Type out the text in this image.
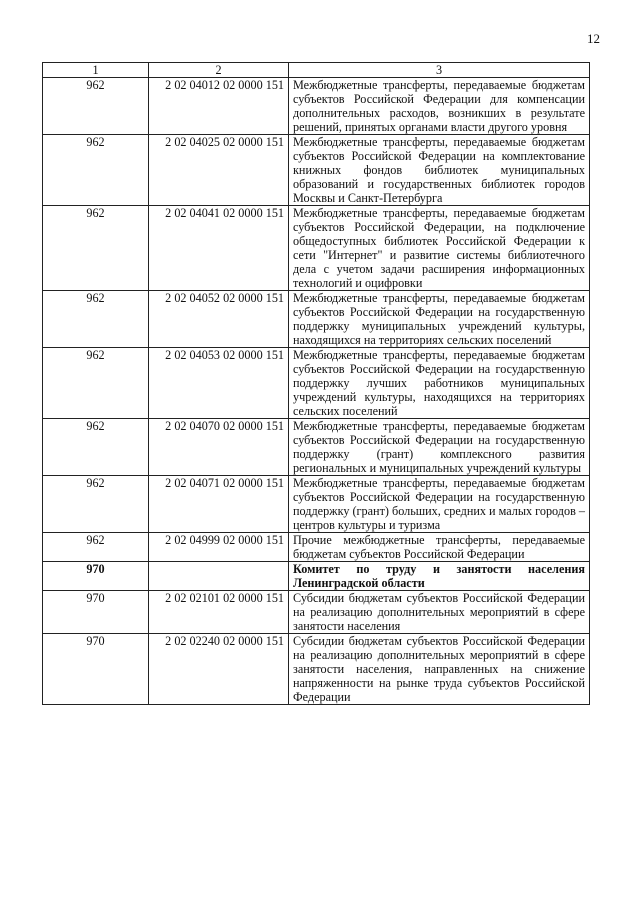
12
1	2	3
962	2 02 04012 02 0000 151	Межбюджетные трансферты, передаваемые бюджетам субъектов Российской Федерации для компенсации дополнительных расходов, возникших в результате решений, принятых органами власти другого уровня
962	2 02 04025 02 0000 151	Межбюджетные трансферты, передаваемые бюджетам субъектов Российской Федерации на комплектование книжных фондов библиотек муниципальных образований и государственных библиотек городов Москвы и Санкт-Петербурга
962	2 02 04041 02 0000 151	Межбюджетные трансферты, передаваемые бюджетам субъектов Российской Федерации, на подключение общедоступных библиотек Российской Федерации к сети "Интернет" и развитие системы библиотечного дела с учетом задачи расширения информационных технологий и оцифровки
962	2 02 04052 02 0000 151	Межбюджетные трансферты, передаваемые бюджетам субъектов Российской Федерации на государственную поддержку муниципальных учреждений культуры, находящихся на территориях сельских поселений
962	2 02 04053 02 0000 151	Межбюджетные трансферты, передаваемые бюджетам субъектов Российской Федерации на государственную поддержку лучших работников муниципальных учреждений культуры, находящихся на территориях сельских поселений
962	2 02 04070 02 0000 151	Межбюджетные трансферты, передаваемые бюджетам субъектов Российской Федерации на государственную поддержку (грант) комплексного развития региональных и муниципальных учреждений культуры
962	2 02 04071 02 0000 151	Межбюджетные трансферты, передаваемые бюджетам субъектов Российской Федерации на государственную поддержку (грант) больших, средних и малых городов – центров культуры и туризма
962	2 02 04999 02 0000 151	Прочие межбюджетные трансферты, передаваемые бюджетам субъектов Российской Федерации
970		Комитет по труду и занятости населения Ленинградской области
970	2 02 02101 02 0000 151	Субсидии бюджетам субъектов Российской Федерации на реализацию дополнительных мероприятий в сфере занятости населения
970	2 02 02240 02 0000 151	Субсидии бюджетам субъектов Российской Федерации на реализацию дополнительных мероприятий в сфере занятости населения, направленных на снижение напряженности на рынке труда субъектов Российской Федерации
